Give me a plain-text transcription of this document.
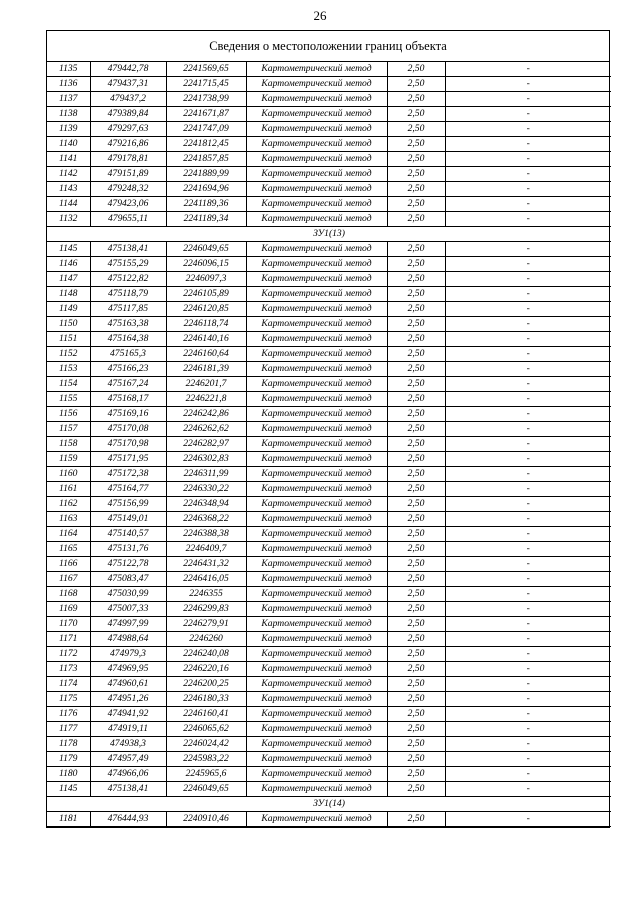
26
Сведения о местоположении границ объекта
1135	479442,78	2241569,65	Картометрический метод	2,50	-
1136	479437,31	2241715,45	Картометрический метод	2,50	-
1137	479437,2	2241738,99	Картометрический метод	2,50	-
1138	479389,84	2241671,87	Картометрический метод	2,50	-
1139	479297,63	2241747,09	Картометрический метод	2,50	-
1140	479216,86	2241812,45	Картометрический метод	2,50	-
1141	479178,81	2241857,85	Картометрический метод	2,50	-
1142	479151,89	2241889,99	Картометрический метод	2,50	-
1143	479248,32	2241694,96	Картометрический метод	2,50	-
1144	479423,06	2241189,36	Картометрический метод	2,50	-
1132	479655,11	2241189,34	Картометрический метод	2,50	-
ЗУ1(13)					
1145	475138,41	2246049,65	Картометрический метод	2,50	-
1146	475155,29	2246096,15	Картометрический метод	2,50	-
1147	475122,82	2246097,3	Картометрический метод	2,50	-
1148	475118,79	2246105,89	Картометрический метод	2,50	-
1149	475117,85	2246120,85	Картометрический метод	2,50	-
1150	475163,38	2246118,74	Картометрический метод	2,50	-
1151	475164,38	2246140,16	Картометрический метод	2,50	-
1152	475165,3	2246160,64	Картометрический метод	2,50	-
1153	475166,23	2246181,39	Картометрический метод	2,50	-
1154	475167,24	2246201,7	Картометрический метод	2,50	-
1155	475168,17	2246221,8	Картометрический метод	2,50	-
1156	475169,16	2246242,86	Картометрический метод	2,50	-
1157	475170,08	2246262,62	Картометрический метод	2,50	-
1158	475170,98	2246282,97	Картометрический метод	2,50	-
1159	475171,95	2246302,83	Картометрический метод	2,50	-
1160	475172,38	2246311,99	Картометрический метод	2,50	-
1161	475164,77	2246330,22	Картометрический метод	2,50	-
1162	475156,99	2246348,94	Картометрический метод	2,50	-
1163	475149,01	2246368,22	Картометрический метод	2,50	-
1164	475140,57	2246388,38	Картометрический метод	2,50	-
1165	475131,76	2246409,7	Картометрический метод	2,50	-
1166	475122,78	2246431,32	Картометрический метод	2,50	-
1167	475083,47	2246416,05	Картометрический метод	2,50	-
1168	475030,99	2246355	Картометрический метод	2,50	-
1169	475007,33	2246299,83	Картометрический метод	2,50	-
1170	474997,99	2246279,91	Картометрический метод	2,50	-
1171	474988,64	2246260	Картометрический метод	2,50	-
1172	474979,3	2246240,08	Картометрический метод	2,50	-
1173	474969,95	2246220,16	Картометрический метод	2,50	-
1174	474960,61	2246200,25	Картометрический метод	2,50	-
1175	474951,26	2246180,33	Картометрический метод	2,50	-
1176	474941,92	2246160,41	Картометрический метод	2,50	-
1177	474919,11	2246065,62	Картометрический метод	2,50	-
1178	474938,3	2246024,42	Картометрический метод	2,50	-
1179	474957,49	2245983,22	Картометрический метод	2,50	-
1180	474966,06	2245965,6	Картометрический метод	2,50	-
1145	475138,41	2246049,65	Картометрический метод	2,50	-
ЗУ1(14)					
1181	476444,93	2240910,46	Картометрический метод	2,50	-
